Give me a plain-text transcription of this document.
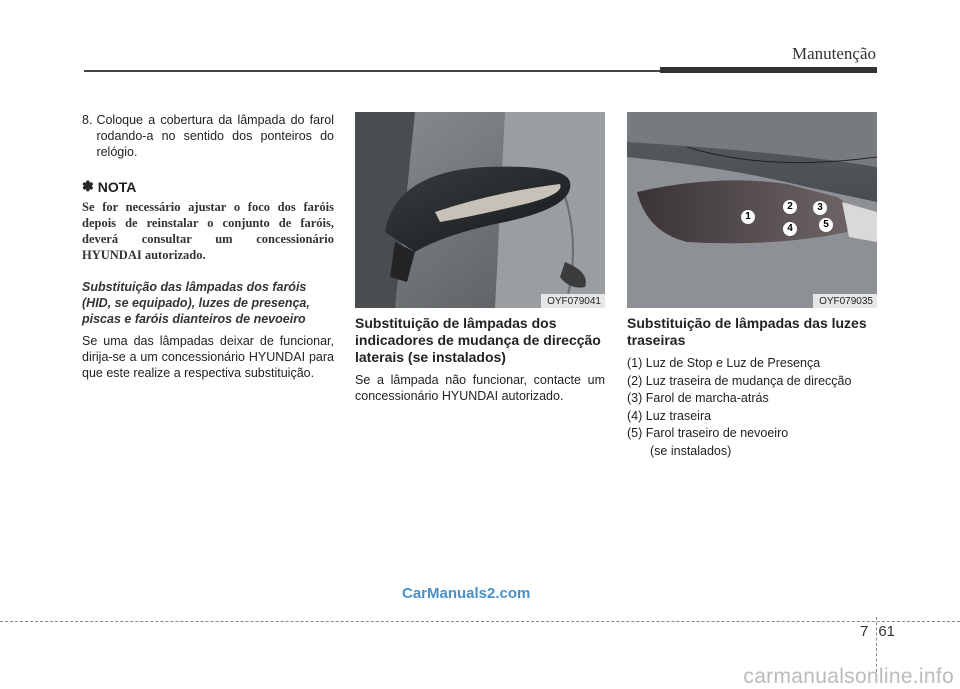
Manutenção
8. Coloque a cobertura da lâmpada do farol rodando-a no sentido dos ponteiros do relógio.
✽ NOTA
Se for necessário ajustar o foco dos faróis depois de reinstalar o conjunto de faróis, deverá consultar um concessionário HYUNDAI autorizado.
Substituição das lâmpadas dos faróis (HID, se equipado), luzes de presença, piscas e faróis dianteiros de nevoeiro
Se uma das lâmpadas deixar de funcionar, dirija-se a um concessionário HYUNDAI para que este realize a respectiva substituição.
OYF079041
Substituição de lâmpadas dos indicadores de mudança de direcção laterais (se instalados)
Se a lâmpada não funcionar, contacte um concessionário HYUNDAI autorizado.
1
2	3
4	5
OYF079035
Substituição de lâmpadas das luzes traseiras
(1) Luz de Stop e Luz de Presença
(2) Luz traseira de mudança de direcção
(3) Farol de marcha-atrás
(4) Luz traseira
(5) Farol traseiro de nevoeiro
(se instalados)
CarManuals2.com
7 61
carmanualsonline.info
